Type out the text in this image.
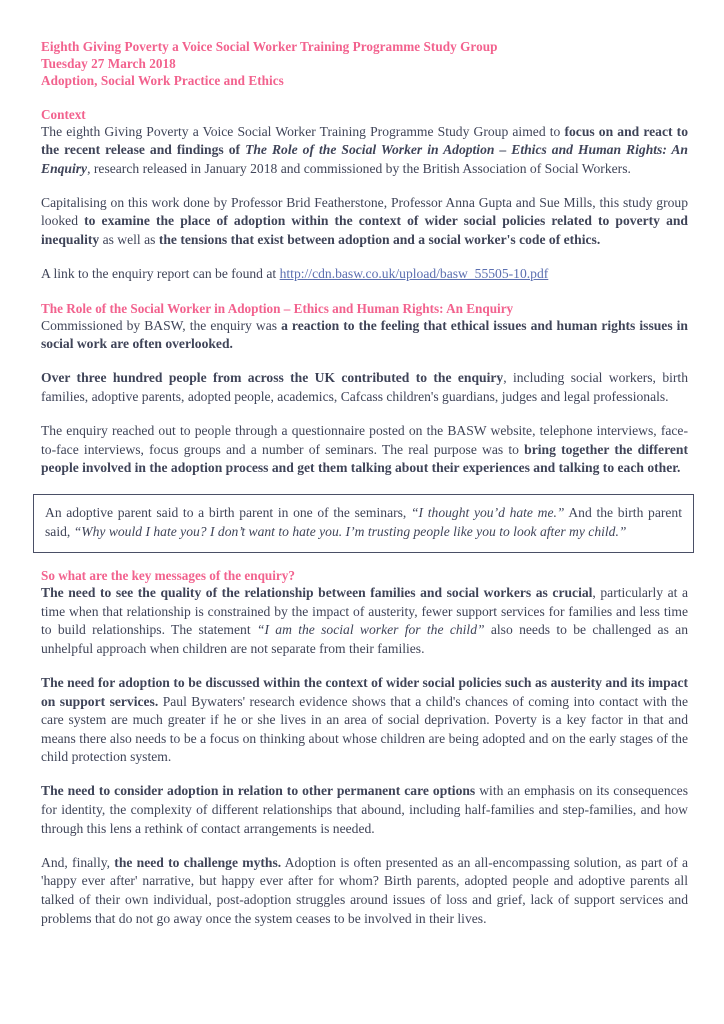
Eighth Giving Poverty a Voice Social Worker Training Programme Study Group
Tuesday 27 March 2018
Adoption, Social Work Practice and Ethics
Context

The eighth Giving Poverty a Voice Social Worker Training Programme Study Group aimed to focus on and react to the recent release and findings of The Role of the Social Worker in Adoption – Ethics and Human Rights: An Enquiry, research released in January 2018 and commissioned by the British Association of Social Workers.

Capitalising on this work done by Professor Brid Featherstone, Professor Anna Gupta and Sue Mills, this study group looked to examine the place of adoption within the context of wider social policies related to poverty and inequality as well as the tensions that exist between adoption and a social worker's code of ethics.

A link to the enquiry report can be found at http://cdn.basw.co.uk/upload/basw_55505-10.pdf

The Role of the Social Worker in Adoption – Ethics and Human Rights: An Enquiry

Commissioned by BASW, the enquiry was a reaction to the feeling that ethical issues and human rights issues in social work are often overlooked.

Over three hundred people from across the UK contributed to the enquiry, including social workers, birth families, adoptive parents, adopted people, academics, Cafcass children's guardians, judges and legal professionals.

The enquiry reached out to people through a questionnaire posted on the BASW website, telephone interviews, face-to-face interviews, focus groups and a number of seminars. The real purpose was to bring together the different people involved in the adoption process and get them talking about their experiences and talking to each other.

An adoptive parent said to a birth parent in one of the seminars, “I thought you’d hate me.” And the birth parent said, “Why would I hate you? I don’t want to hate you. I’m trusting people like you to look after my child.”

So what are the key messages of the enquiry?

The need to see the quality of the relationship between families and social workers as crucial, particularly at a time when that relationship is constrained by the impact of austerity, fewer support services for families and less time to build relationships. The statement “I am the social worker for the child” also needs to be challenged as an unhelpful approach when children are not separate from their families.

The need for adoption to be discussed within the context of wider social policies such as austerity and its impact on support services. Paul Bywaters' research evidence shows that a child's chances of coming into contact with the care system are much greater if he or she lives in an area of social deprivation. Poverty is a key factor in that and means there also needs to be a focus on thinking about whose children are being adopted and on the early stages of the child protection system.

The need to consider adoption in relation to other permanent care options with an emphasis on its consequences for identity, the complexity of different relationships that abound, including half-families and step-families, and how through this lens a rethink of contact arrangements is needed.

And, finally, the need to challenge myths. Adoption is often presented as an all-encompassing solution, as part of a 'happy ever after' narrative, but happy ever after for whom? Birth parents, adopted people and adoptive parents all talked of their own individual, post-adoption struggles around issues of loss and grief, lack of support services and problems that do not go away once the system ceases to be involved in their lives.
